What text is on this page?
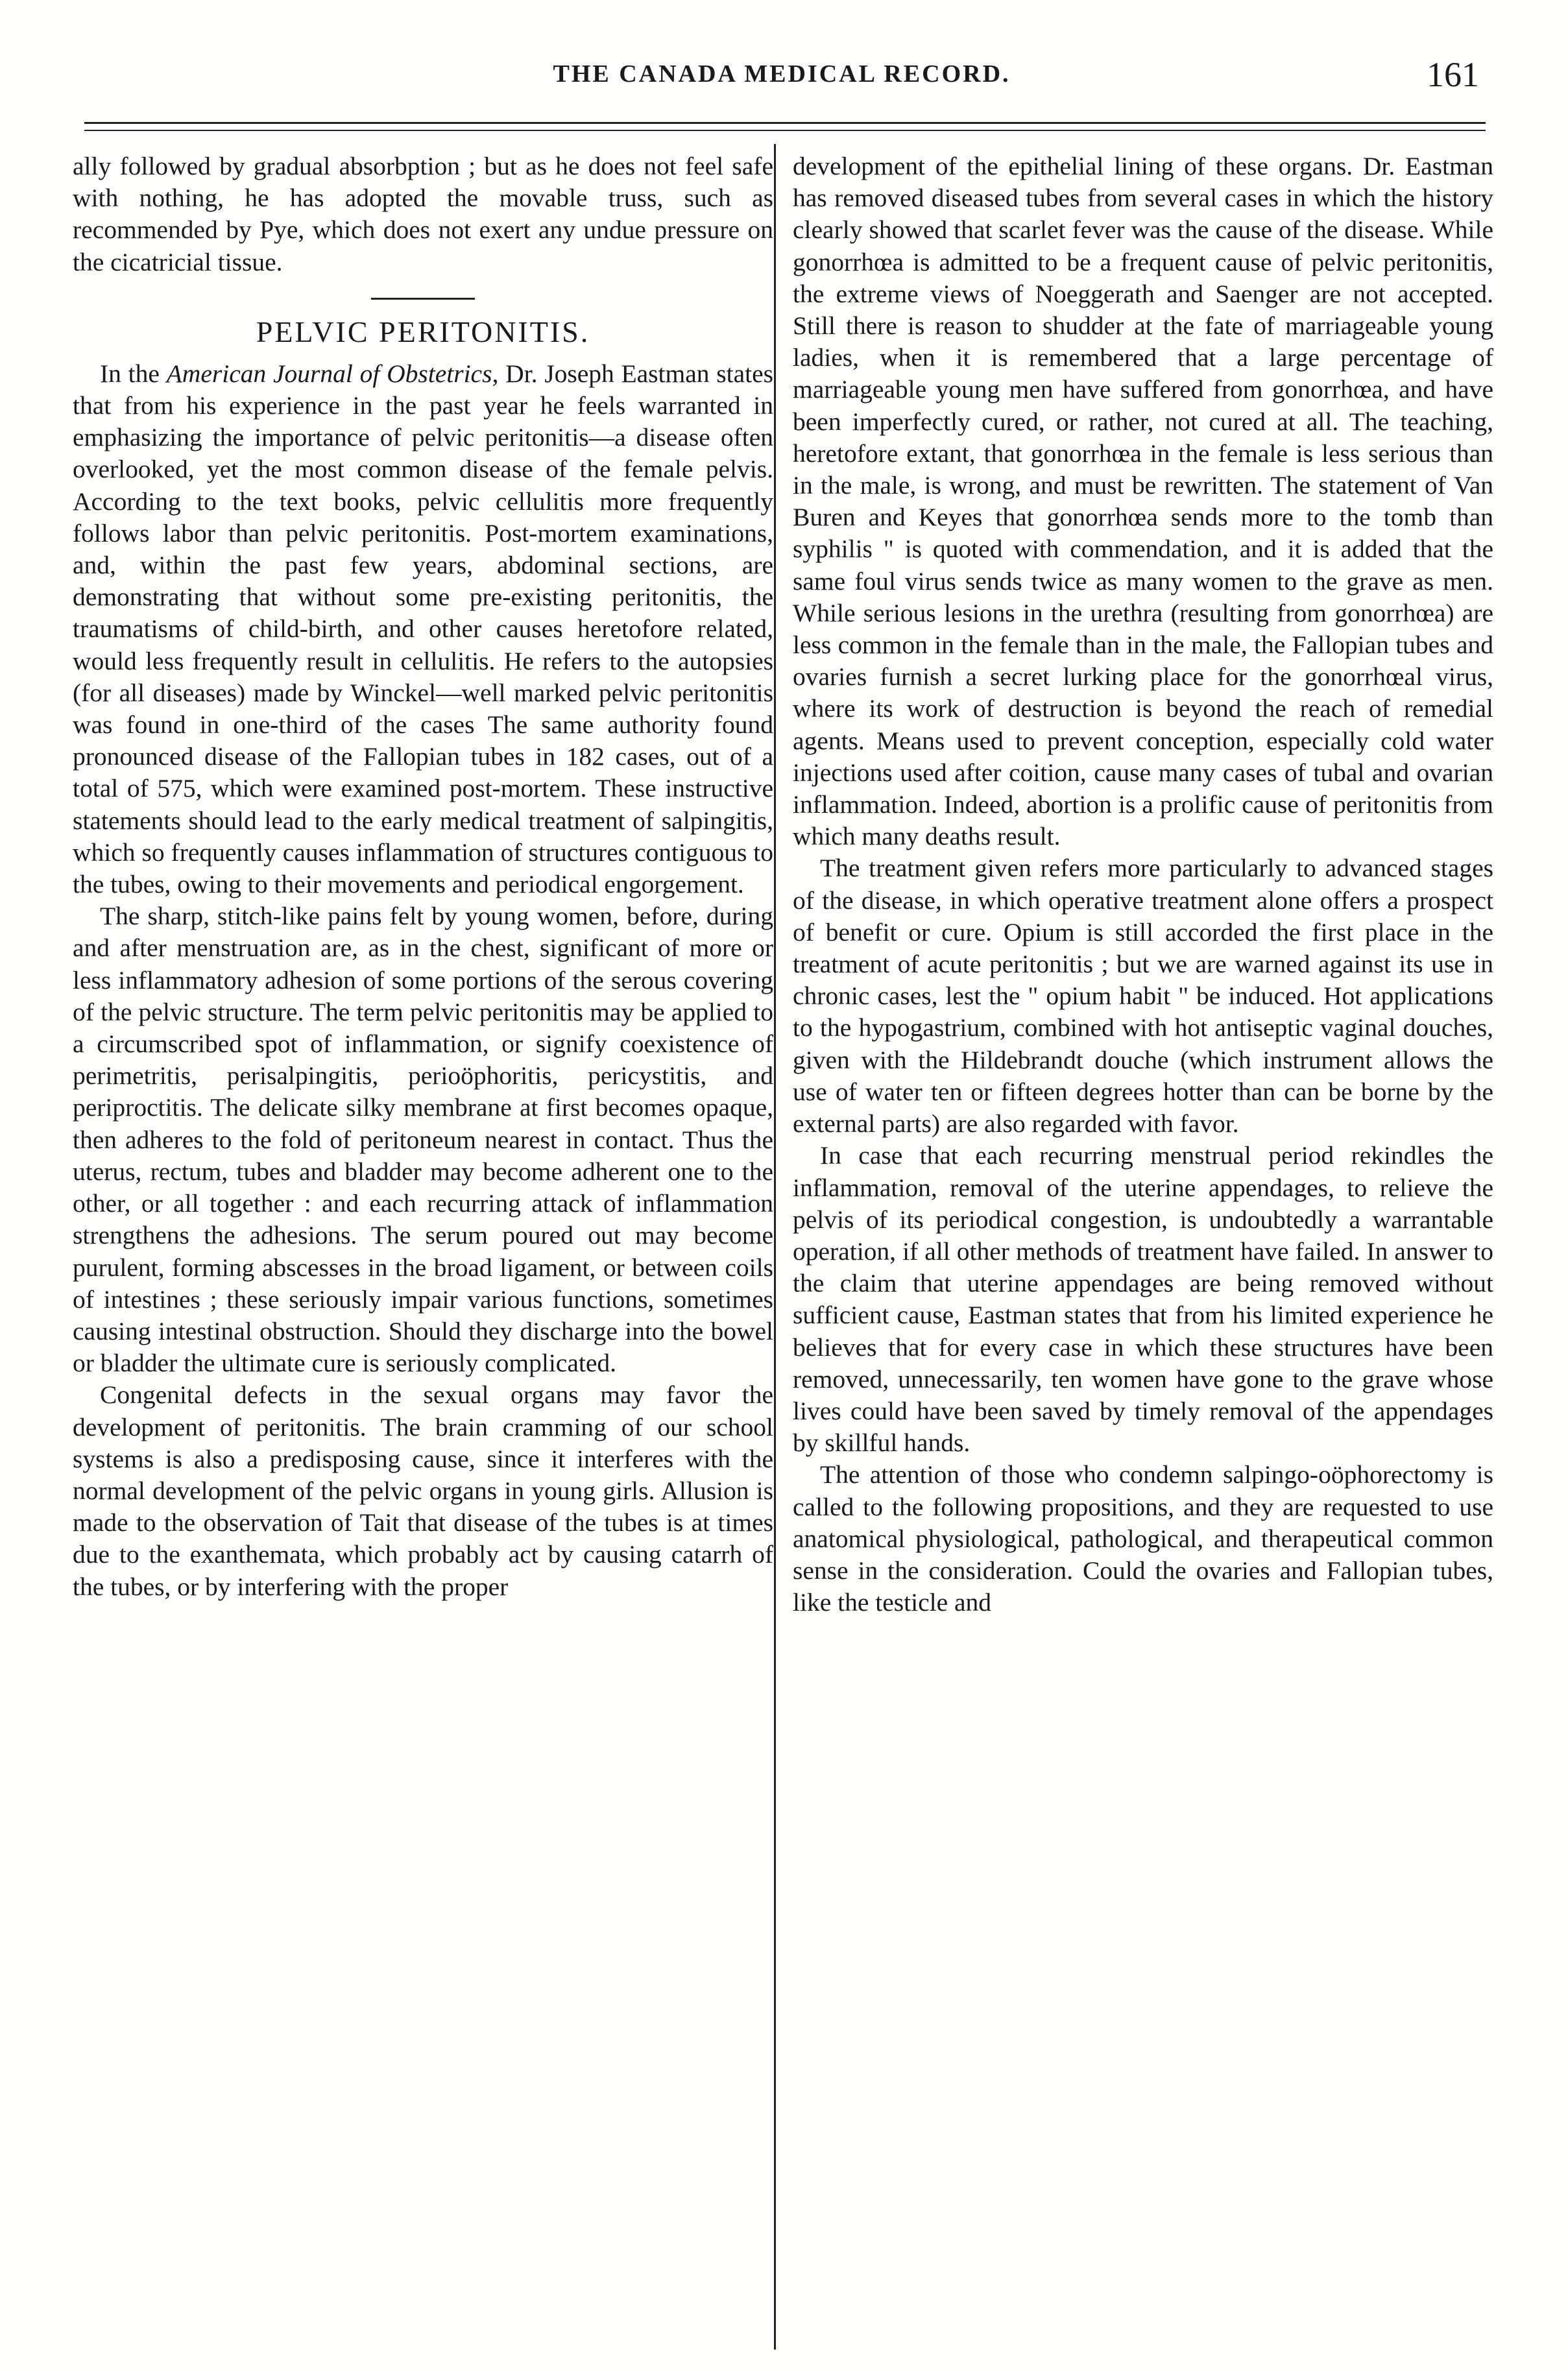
THE CANADA MEDICAL RECORD.	161

ally followed by gradual absorbption ; but as he does not feel safe with nothing, he has adopted the movable truss, such as recommended by Pye, which does not exert any undue pressure on the cicatricial tissue.

PELVIC PERITONITIS.

In the American Journal of Obstetrics, Dr. Joseph Eastman states that from his experience in the past year he feels warranted in emphasizing the importance of pelvic peritonitis—a disease often overlooked, yet the most common disease of the female pelvis. According to the text books, pelvic cellulitis more frequently follows labor than pelvic peritonitis. Post-mortem examinations, and, within the past few years, abdominal sections, are demonstrating that without some pre-existing peritonitis, the traumatisms of child-birth, and other causes heretofore related, would less frequently result in cellulitis. He refers to the autopsies (for all diseases) made by Winckel—well marked pelvic peritonitis was found in one-third of the cases The same authority found pronounced disease of the Fallopian tubes in 182 cases, out of a total of 575, which were examined post-mortem. These instructive statements should lead to the early medical treatment of salpingitis, which so frequently causes inflammation of structures contiguous to the tubes, owing to their movements and periodical engorgement.

The sharp, stitch-like pains felt by young women, before, during and after menstruation are, as in the chest, significant of more or less inflammatory adhesion of some portions of the serous covering of the pelvic structure. The term pelvic peritonitis may be applied to a circumscribed spot of inflammation, or signify coexistence of perimetritis, perisalpingitis, perioöphoritis, pericystitis, and periproctitis. The delicate silky membrane at first becomes opaque, then adheres to the fold of peritoneum nearest in contact. Thus the uterus, rectum, tubes and bladder may become adherent one to the other, or all together : and each recurring attack of inflammation strengthens the adhesions. The serum poured out may become purulent, forming abscesses in the broad ligament, or between coils of intestines ; these seriously impair various functions, sometimes causing intestinal obstruction. Should they discharge into the bowel or bladder the ultimate cure is seriously complicated.

Congenital defects in the sexual organs may favor the development of peritonitis. The brain cramming of our school systems is also a predisposing cause, since it interferes with the normal development of the pelvic organs in young girls. Allusion is made to the observation of Tait that disease of the tubes is at times due to the exanthemata, which probably act by causing catarrh of the tubes, or by interfering with the proper

development of the epithelial lining of these organs. Dr. Eastman has removed diseased tubes from several cases in which the history clearly showed that scarlet fever was the cause of the disease. While gonorrhœa is admitted to be a frequent cause of pelvic peritonitis, the extreme views of Noeggerath and Saenger are not accepted. Still there is reason to shudder at the fate of marriageable young ladies, when it is remembered that a large percentage of marriageable young men have suffered from gonorrhœa, and have been imperfectly cured, or rather, not cured at all. The teaching, heretofore extant, that gonorrhœa in the female is less serious than in the male, is wrong, and must be rewritten. The statement of Van Buren and Keyes that gonorrhœa sends more to the tomb than syphilis " is quoted with commendation, and it is added that the same foul virus sends twice as many women to the grave as men. While serious lesions in the urethra (resulting from gonorrhœa) are less common in the female than in the male, the Fallopian tubes and ovaries furnish a secret lurking place for the gonorrhœal virus, where its work of destruction is beyond the reach of remedial agents. Means used to prevent conception, especially cold water injections used after coition, cause many cases of tubal and ovarian inflammation. Indeed, abortion is a prolific cause of peritonitis from which many deaths result.

The treatment given refers more particularly to advanced stages of the disease, in which operative treatment alone offers a prospect of benefit or cure. Opium is still accorded the first place in the treatment of acute peritonitis ; but we are warned against its use in chronic cases, lest the " opium habit " be induced. Hot applications to the hypogastrium, combined with hot antiseptic vaginal douches, given with the Hildebrandt douche (which instrument allows the use of water ten or fifteen degrees hotter than can be borne by the external parts) are also regarded with favor.

In case that each recurring menstrual period rekindles the inflammation, removal of the uterine appendages, to relieve the pelvis of its periodical congestion, is undoubtedly a warrantable operation, if all other methods of treatment have failed. In answer to the claim that uterine appendages are being removed without sufficient cause, Eastman states that from his limited experience he believes that for every case in which these structures have been removed, unnecessarily, ten women have gone to the grave whose lives could have been saved by timely removal of the appendages by skillful hands.

The attention of those who condemn salpingo-oöphorectomy is called to the following propositions, and they are requested to use anatomical physiological, pathological, and therapeutical common sense in the consideration. Could the ovaries and Fallopian tubes, like the testicle and
